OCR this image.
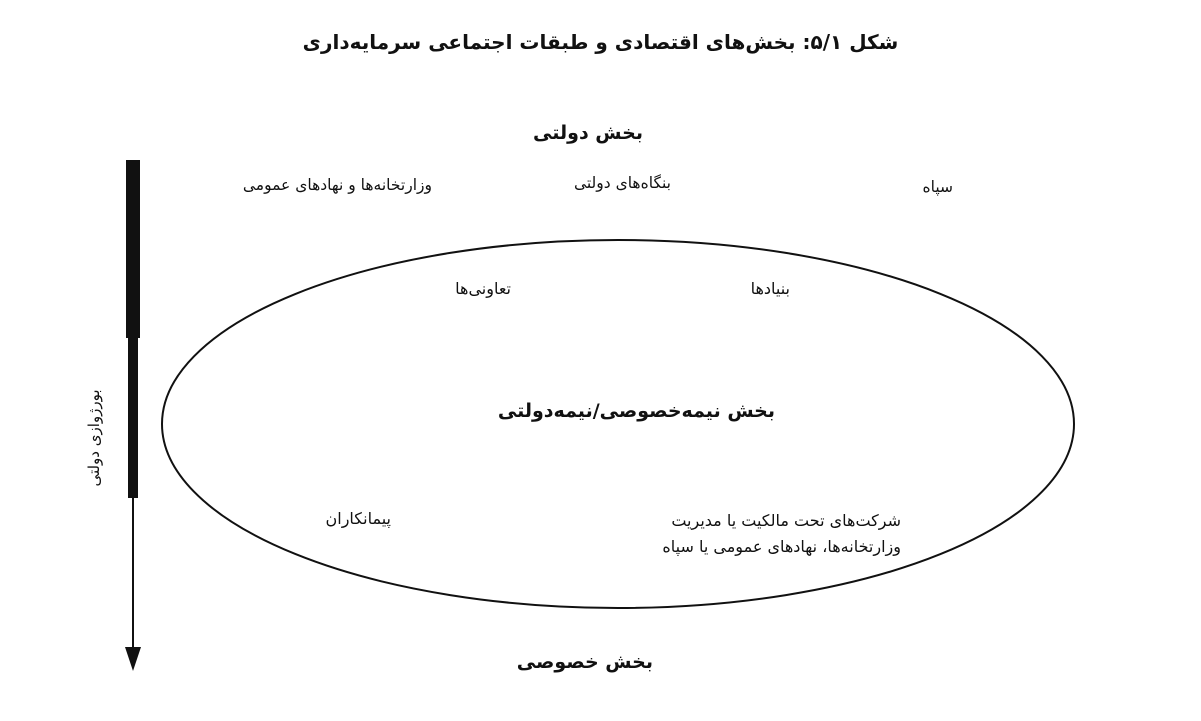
شکل ۵/۱: بخش‌های اقتصادی و طبقات اجتماعی سرمایه‌داری
بخش دولتی
وزارتخانه‌ها و نهادهای عمومی	بنگاه‌های دولتی	سپاه
تعاونی‌ها	بنیادها
بخش نیمه‌خصوصی/نیمه‌دولتی
پیمانکاران	شرکت‌های تحت مالکیت یا مدیریت
وزارتخانه‌ها، نهادهای عمومی یا سپاه
بخش خصوصی
بورژوازی دولتی
